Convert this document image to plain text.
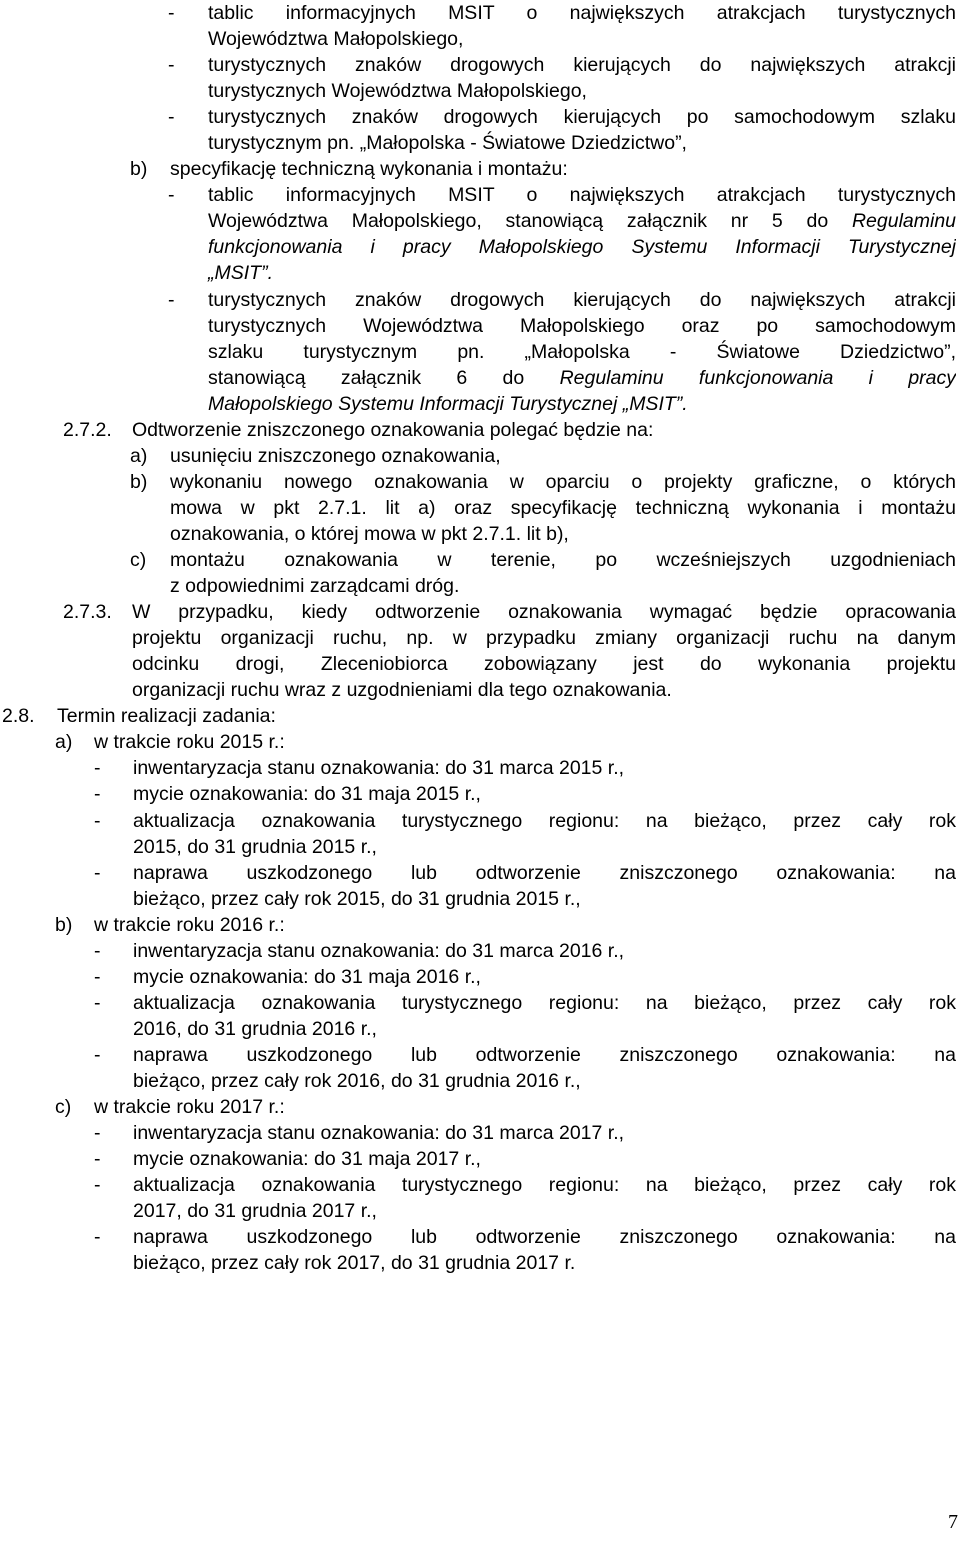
- tablic informacyjnych MSIT o największych atrakcjach turystycznych
Województwa Małopolskiego,
- turystycznych znaków drogowych kierujących do największych atrakcji
turystycznych Województwa Małopolskiego,
- turystycznych znaków drogowych kierujących po samochodowym szlaku
turystycznym pn. „Małopolska - Światowe Dziedzictwo”,
b) specyfikację techniczną wykonania i montażu:
- tablic informacyjnych MSIT o największych atrakcjach turystycznych
Województwa Małopolskiego, stanowiącą załącznik nr 5 do Regulaminu
funkcjonowania i pracy Małopolskiego Systemu Informacji Turystycznej
„MSIT”.
- turystycznych znaków drogowych kierujących do największych atrakcji
turystycznych Województwa Małopolskiego oraz po samochodowym
szlaku turystycznym pn. „Małopolska - Światowe Dziedzictwo”,
stanowiącą załącznik 6 do Regulaminu funkcjonowania i pracy
Małopolskiego Systemu Informacji Turystycznej „MSIT”.
2.7.2. Odtworzenie zniszczonego oznakowania polegać będzie na:
a) usunięciu zniszczonego oznakowania,
b) wykonaniu nowego oznakowania w oparciu o projekty graficzne, o których
mowa w pkt 2.7.1. lit a) oraz specyfikację techniczną wykonania i montażu
oznakowania, o której mowa w pkt 2.7.1. lit b),
c) montażu oznakowania w terenie, po wcześniejszych uzgodnieniach
z odpowiednimi zarządcami dróg.
2.7.3. W przypadku, kiedy odtworzenie oznakowania wymagać będzie opracowania
projektu organizacji ruchu, np. w przypadku zmiany organizacji ruchu na danym
odcinku drogi, Zleceniobiorca zobowiązany jest do wykonania projektu
organizacji ruchu wraz z uzgodnieniami dla tego oznakowania.
2.8. Termin realizacji zadania:
a) w trakcie roku 2015 r.:
- inwentaryzacja stanu oznakowania: do 31 marca 2015 r.,
- mycie oznakowania: do 31 maja 2015 r.,
- aktualizacja oznakowania turystycznego regionu: na bieżąco, przez cały rok
2015, do 31 grudnia 2015 r.,
- naprawa uszkodzonego lub odtworzenie zniszczonego oznakowania: na
bieżąco, przez cały rok 2015, do 31 grudnia 2015 r.,
b) w trakcie roku 2016 r.:
- inwentaryzacja stanu oznakowania: do 31 marca 2016 r.,
- mycie oznakowania: do 31 maja 2016 r.,
- aktualizacja oznakowania turystycznego regionu: na bieżąco, przez cały rok
2016, do 31 grudnia 2016 r.,
- naprawa uszkodzonego lub odtworzenie zniszczonego oznakowania: na
bieżąco, przez cały rok 2016, do 31 grudnia 2016 r.,
c) w trakcie roku 2017 r.:
- inwentaryzacja stanu oznakowania: do 31 marca 2017 r.,
- mycie oznakowania: do 31 maja 2017 r.,
- aktualizacja oznakowania turystycznego regionu: na bieżąco, przez cały rok
2017, do 31 grudnia 2017 r.,
- naprawa uszkodzonego lub odtworzenie zniszczonego oznakowania: na
bieżąco, przez cały rok 2017, do 31 grudnia 2017 r.
7
